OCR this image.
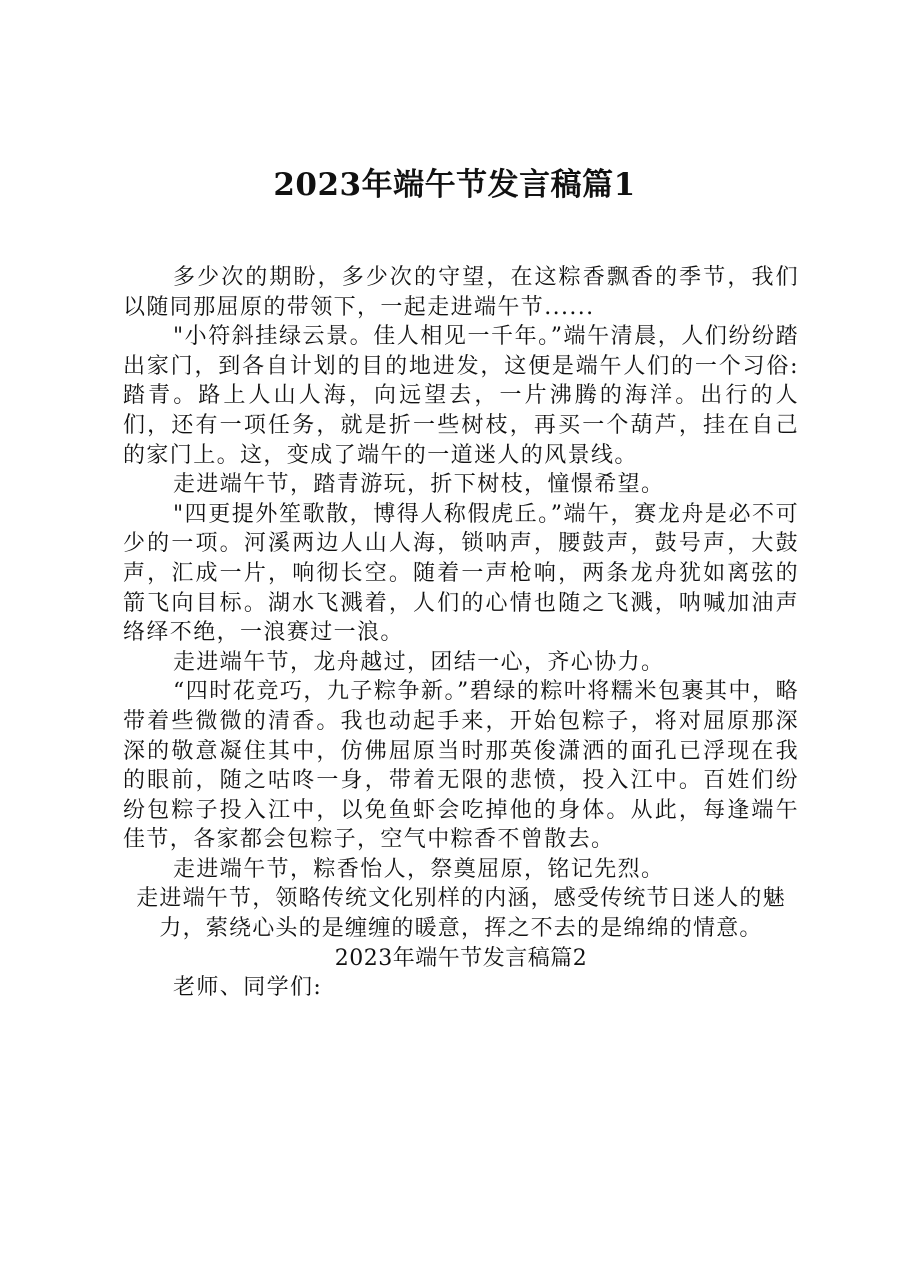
2023年端午节发言稿篇1

多少次的期盼，多少次的守望，在这粽香飘香的季节，我们以随同那屈原的带领下，一起走进端午节......

"小符斜挂绿云景。佳人相见一千年。”端午清晨，人们纷纷踏出家门，到各自计划的目的地进发，这便是端午人们的一个习俗:踏青。路上人山人海，向远望去，一片沸腾的海洋。出行的人们，还有一项任务，就是折一些树枝，再买一个葫芦，挂在自己的家门上。这，变成了端午的一道迷人的风景线。

走进端午节，踏青游玩，折下树枝，憧憬希望。

"四更提外笙歌散，博得人称假虎丘。”端午，赛龙舟是必不可少的一项。河溪两边人山人海，锁呐声，腰鼓声，鼓号声，大鼓声，汇成一片，响彻长空。随着一声枪响，两条龙舟犹如离弦的箭飞向目标。湖水飞溅着，人们的心情也随之飞溅，呐喊加油声络绎不绝，一浪赛过一浪。

走进端午节，龙舟越过，团结一心，齐心协力。

“四时花竞巧，九子粽争新。”碧绿的粽叶将糯米包裹其中，略带着些微微的清香。我也动起手来，开始包粽子，将对屈原那深深的敬意凝住其中，仿佛屈原当时那英俊潇洒的面孔已浮现在我的眼前，随之咕咚一身，带着无限的悲愤，投入江中。百姓们纷纷包粽子投入江中，以免鱼虾会吃掉他的身体。从此，每逢端午佳节，各家都会包粽子，空气中粽香不曾散去。

走进端午节，粽香怡人，祭奠屈原，铭记先烈。

走进端午节，领略传统文化别样的内涵，感受传统节日迷人的魅力，萦绕心头的是缠缠的暖意，挥之不去的是绵绵的情意。

2023年端午节发言稿篇2

老师、同学们:
